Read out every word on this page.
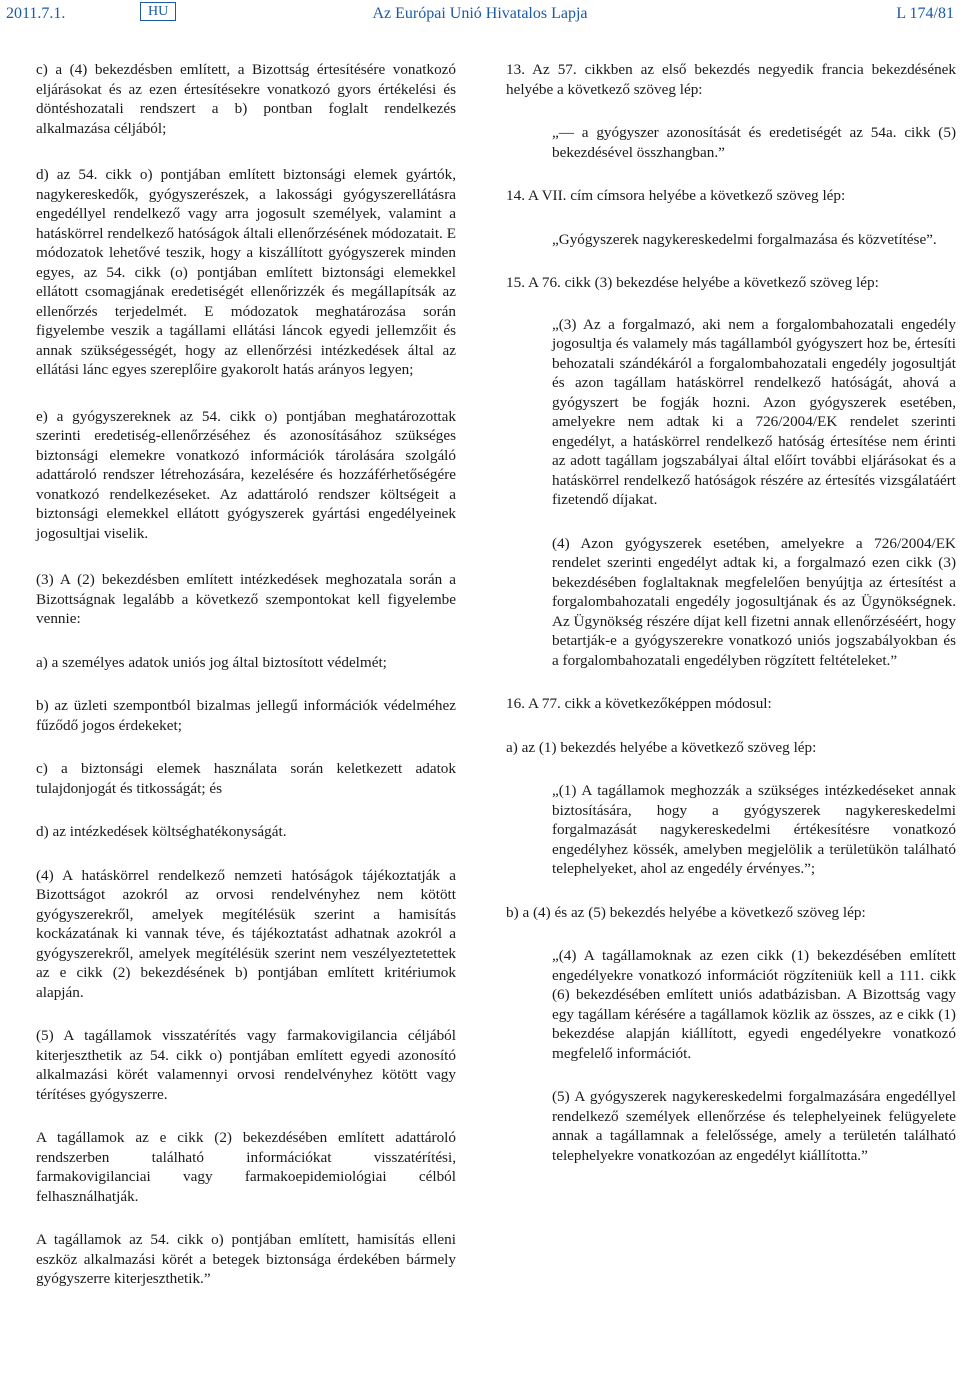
2011.7.1.	HU	Az Európai Unió Hivatalos Lapja	L 174/81

c) a (4) bekezdésben említett, a Bizottság értesítésére vonatkozó eljárásokat és az ezen értesítésekre vonatkozó gyors értékelési és döntéshozatali rendszert a b) pontban foglalt rendelkezés alkalmazása céljából;

d) az 54. cikk o) pontjában említett biztonsági elemek gyártók, nagykereskedők, gyógyszerészek, a lakossági gyógyszerellátásra engedéllyel rendelkező vagy arra jogosult személyek, valamint a hatáskörrel rendelkező hatóságok általi ellenőrzésének módozatait. E módozatok lehetővé teszik, hogy a kiszállított gyógyszerek minden egyes, az 54. cikk (o) pontjában említett biztonsági elemekkel ellátott csomagjának eredetiségét ellenőrizzék és megállapítsák az ellenőrzés terjedelmét. E módozatok meghatározása során figyelembe veszik a tagállami ellátási láncok egyedi jellemzőit és annak szükségességét, hogy az ellenőrzési intézkedések által az ellátási lánc egyes szereplőire gyakorolt hatás arányos legyen;

e) a gyógyszereknek az 54. cikk o) pontjában meghatározottak szerinti eredetiség-ellenőrzéséhez és azonosításához szükséges biztonsági elemekre vonatkozó információk tárolására szolgáló adattároló rendszer létrehozására, kezelésére és hozzáférhetőségére vonatkozó rendelkezéseket. Az adattároló rendszer költségeit a biztonsági elemekkel ellátott gyógyszerek gyártási engedélyeinek jogosultjai viselik.

(3) A (2) bekezdésben említett intézkedések meghozatala során a Bizottságnak legalább a következő szempontokat kell figyelembe vennie:

a) a személyes adatok uniós jog által biztosított védelmét;

b) az üzleti szempontból bizalmas jellegű információk védelméhez fűződő jogos érdekeket;

c) a biztonsági elemek használata során keletkezett adatok tulajdonjogát és titkosságát; és

d) az intézkedések költséghatékonyságát.

(4) A hatáskörrel rendelkező nemzeti hatóságok tájékoztatják a Bizottságot azokról az orvosi rendelvényhez nem kötött gyógyszerekről, amelyek megítélésük szerint a hamisítás kockázatának ki vannak téve, és tájékoztatást adhatnak azokról a gyógyszerekről, amelyek megítélésük szerint nem veszélyeztetettek az e cikk (2) bekezdésének b) pontjában említett kritériumok alapján.

(5) A tagállamok visszatérítés vagy farmakovigilancia céljából kiterjeszthetik az 54. cikk o) pontjában említett egyedi azonosító alkalmazási körét valamennyi orvosi rendelvényhez kötött vagy térítéses gyógyszerre.

A tagállamok az e cikk (2) bekezdésében említett adattároló rendszerben található információkat visszatérítési, farmakovigilanciai vagy farmakoepidemiológiai célból felhasználhatják.

A tagállamok az 54. cikk o) pontjában említett, hamisítás elleni eszköz alkalmazási körét a betegek biztonsága érdekében bármely gyógyszerre kiterjeszthetik.”

13. Az 57. cikkben az első bekezdés negyedik francia bekezdésének helyébe a következő szöveg lép:

„— a gyógyszer azonosítását és eredetiségét az 54a. cikk (5) bekezdésével összhangban.”

14. A VII. cím címsora helyébe a következő szöveg lép:

„Gyógyszerek nagykereskedelmi forgalmazása és közvetítése”.

15. A 76. cikk (3) bekezdése helyébe a következő szöveg lép:

„(3) Az a forgalmazó, aki nem a forgalombahozatali engedély jogosultja és valamely más tagállamból gyógyszert hoz be, értesíti behozatali szándékáról a forgalombahozatali engedély jogosultját és azon tagállam hatáskörrel rendelkező hatóságát, ahová a gyógyszert be fogják hozni. Azon gyógyszerek esetében, amelyekre nem adtak ki a 726/2004/EK rendelet szerinti engedélyt, a hatáskörrel rendelkező hatóság értesítése nem érinti az adott tagállam jogszabályai által előírt további eljárásokat és a hatáskörrel rendelkező hatóságok részére az értesítés vizsgálatáért fizetendő díjakat.

(4) Azon gyógyszerek esetében, amelyekre a 726/2004/EK rendelet szerinti engedélyt adtak ki, a forgalmazó ezen cikk (3) bekezdésében foglaltaknak megfelelően benyújtja az értesítést a forgalombahozatali engedély jogosultjának és az Ügynökségnek. Az Ügynökség részére díjat kell fizetni annak ellenőrzéséért, hogy betartják-e a gyógyszerekre vonatkozó uniós jogszabályokban és a forgalombahozatali engedélyben rögzített feltételeket.”

16. A 77. cikk a következőképpen módosul:

a) az (1) bekezdés helyébe a következő szöveg lép:

„(1) A tagállamok meghozzák a szükséges intézkedéseket annak biztosítására, hogy a gyógyszerek nagykereskedelmi forgalmazását nagykereskedelmi értékesítésre vonatkozó engedélyhez kössék, amelyben megjelölik a területükön található telephelyeket, ahol az engedély érvényes.”;

b) a (4) és az (5) bekezdés helyébe a következő szöveg lép:

„(4) A tagállamoknak az ezen cikk (1) bekezdésében említett engedélyekre vonatkozó információt rögzíteniük kell a 111. cikk (6) bekezdésében említett uniós adatbázisban. A Bizottság vagy egy tagállam kérésére a tagállamok közlik az összes, az e cikk (1) bekezdése alapján kiállított, egyedi engedélyekre vonatkozó megfelelő információt.

(5) A gyógyszerek nagykereskedelmi forgalmazására engedéllyel rendelkező személyek ellenőrzése és telephelyeinek felügyelete annak a tagállamnak a felelőssége, amely a területén található telephelyekre vonatkozóan az engedélyt kiállította.”
